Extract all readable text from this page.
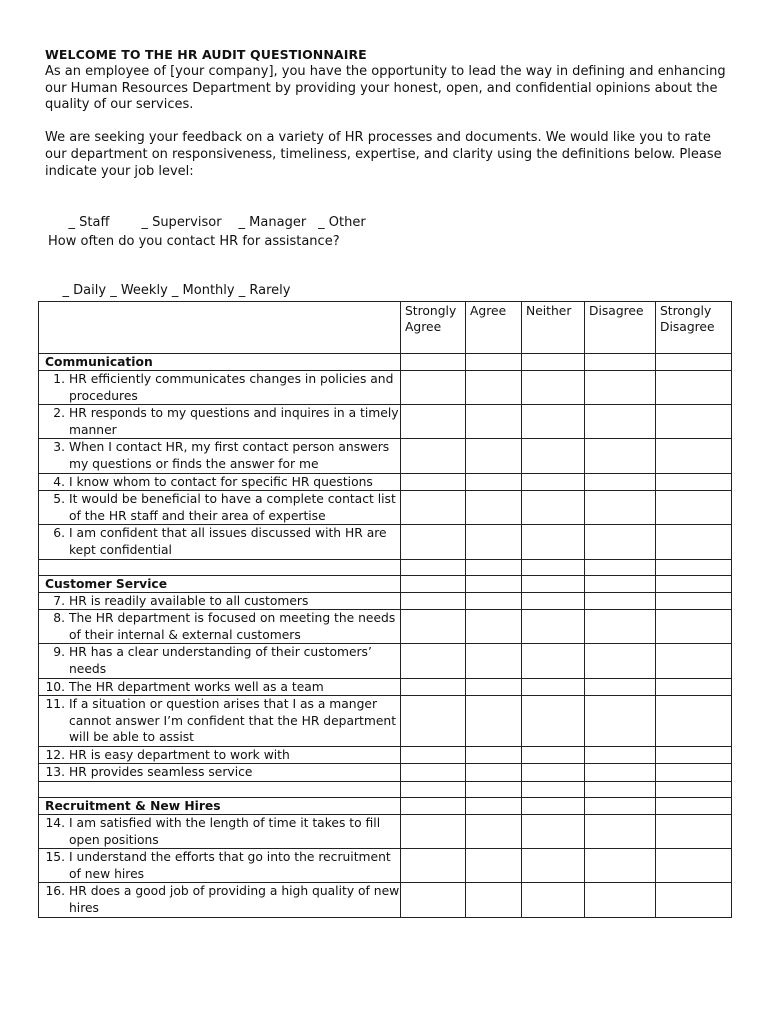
WELCOME TO THE HR AUDIT QUESTIONNAIRE

As an employee of [your company], you have the opportunity to lead the way in defining and enhancing our Human Resources Department by providing your honest, open, and confidential opinions about the quality of our services.

We are seeking your feedback on a variety of HR processes and documents. We would like you to rate our department on responsiveness, timeliness, expertise, and clarity using the definitions below. Please indicate your job level:

_ Staff _ Supervisor _ Manager _ Other

How often do you contact HR for assistance?

_ Daily _ Weekly _ Monthly _ Rarely

	Strongly Agree	Agree	Neither	Disagree	Strongly Disagree
Communication					

1. HR efficiently communicates changes in policies and procedures					

2. HR responds to my questions and inquires in a timely manner					

3. When I contact HR, my first contact person answers my questions or finds the answer for me					

4. I know whom to contact for specific HR questions					

5. It would be beneficial to have a complete contact list of the HR staff and their area of expertise					

6. I am confident that all issues discussed with HR are kept confidential					

Customer Service					

7. HR is readily available to all customers					

8. The HR department is focused on meeting the needs of their internal & external customers					

9. HR has a clear understanding of their customers’ needs					

10. The HR department works well as a team					

11. If a situation or question arises that I as a manger cannot answer I’m confident that the HR department will be able to assist					

12. HR is easy department to work with					

13. HR provides seamless service					

Recruitment & New Hires					

14. I am satisfied with the length of time it takes to fill open positions					

15. I understand the efforts that go into the recruitment of new hires					

16. HR does a good job of providing a high quality of new hires					
